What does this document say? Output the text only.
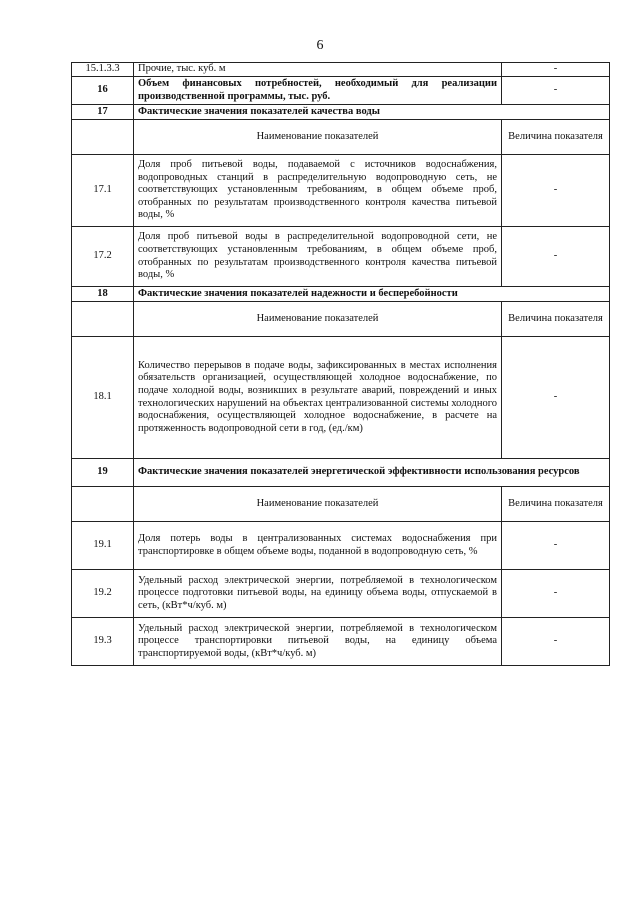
6
15.1.3.3	Прочие, тыс. куб. м	-
16	Объем финансовых потребностей, необходимый для реализации производственной программы, тыс. руб.	-
17	Фактические значения показателей качества воды	
	Наименование показателей	Величина показателя
17.1	Доля проб питьевой воды, подаваемой с источников водоснабжения, водопроводных станций в распределительную водопроводную сеть, не соответствующих установленным требованиям, в общем объеме проб, отобранных по результатам производственного контроля качества питьевой воды, %	-
17.2	Доля проб питьевой воды в распределительной водопроводной сети, не соответствующих установленным требованиям, в общем объеме проб, отобранных по результатам производственного контроля качества питьевой воды, %	-
18	Фактические значения показателей надежности и бесперебойности	
	Наименование показателей	Величина показателя
18.1	Количество перерывов в подаче воды, зафиксированных в местах исполнения обязательств организацией, осуществляющей холодное водоснабжение, по подаче холодной воды, возникших в результате аварий, повреждений и иных технологических нарушений на объектах централизованной системы холодного водоснабжения, осуществляющей холодное водоснабжение, в расчете на протяженность водопроводной сети в год, (ед./км)	-
19	Фактические значения показателей энергетической эффективности использования ресурсов	
	Наименование показателей	Величина показателя
19.1	Доля потерь воды в централизованных системах водоснабжения при транспортировке в общем объеме воды, поданной в водопроводную сеть, %	-
19.2	Удельный расход электрической энергии, потребляемой в технологическом процессе подготовки питьевой воды, на единицу объема воды, отпускаемой в сеть, (кВт*ч/куб. м)	-
19.3	Удельный расход электрической энергии, потребляемой в технологическом процессе транспортировки питьевой воды, на единицу объема транспортируемой воды, (кВт*ч/куб. м)	-
